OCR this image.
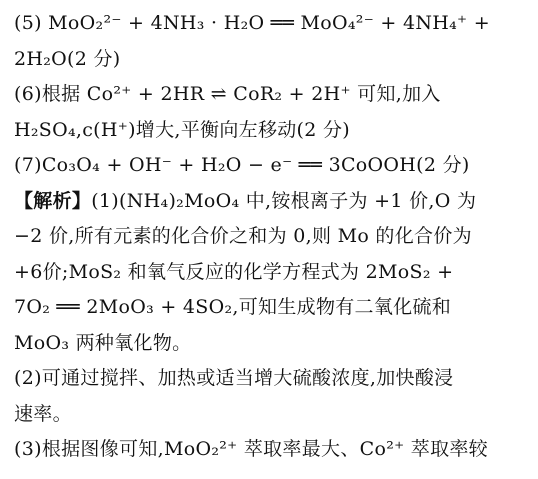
(5) MoO₂²⁻ + 4NH₃ · H₂O ══ MoO₄²⁻ + 4NH₄⁺ +
2H₂O(2 分)
(6)根据 Co²⁺ + 2HR ⇌ CoR₂ + 2H⁺ 可知,加入
H₂SO₄,c(H⁺)增大,平衡向左移动(2 分)
(7)Co₃O₄ + OH⁻ + H₂O − e⁻ ══ 3CoOOH(2 分)
【解析】(1)(NH₄)₂MoO₄ 中,铵根离子为 +1 价,O 为
−2 价,所有元素的化合价之和为 0,则 Mo 的化合价为
+6价;MoS₂ 和氧气反应的化学方程式为 2MoS₂ +
7O₂ ══ 2MoO₃ + 4SO₂,可知生成物有二氧化硫和
MoO₃ 两种氧化物。
(2)可通过搅拌、加热或适当增大硫酸浓度,加快酸浸
速率。
(3)根据图像可知,MoO₂²⁺ 萃取率最大、Co²⁺ 萃取率较
